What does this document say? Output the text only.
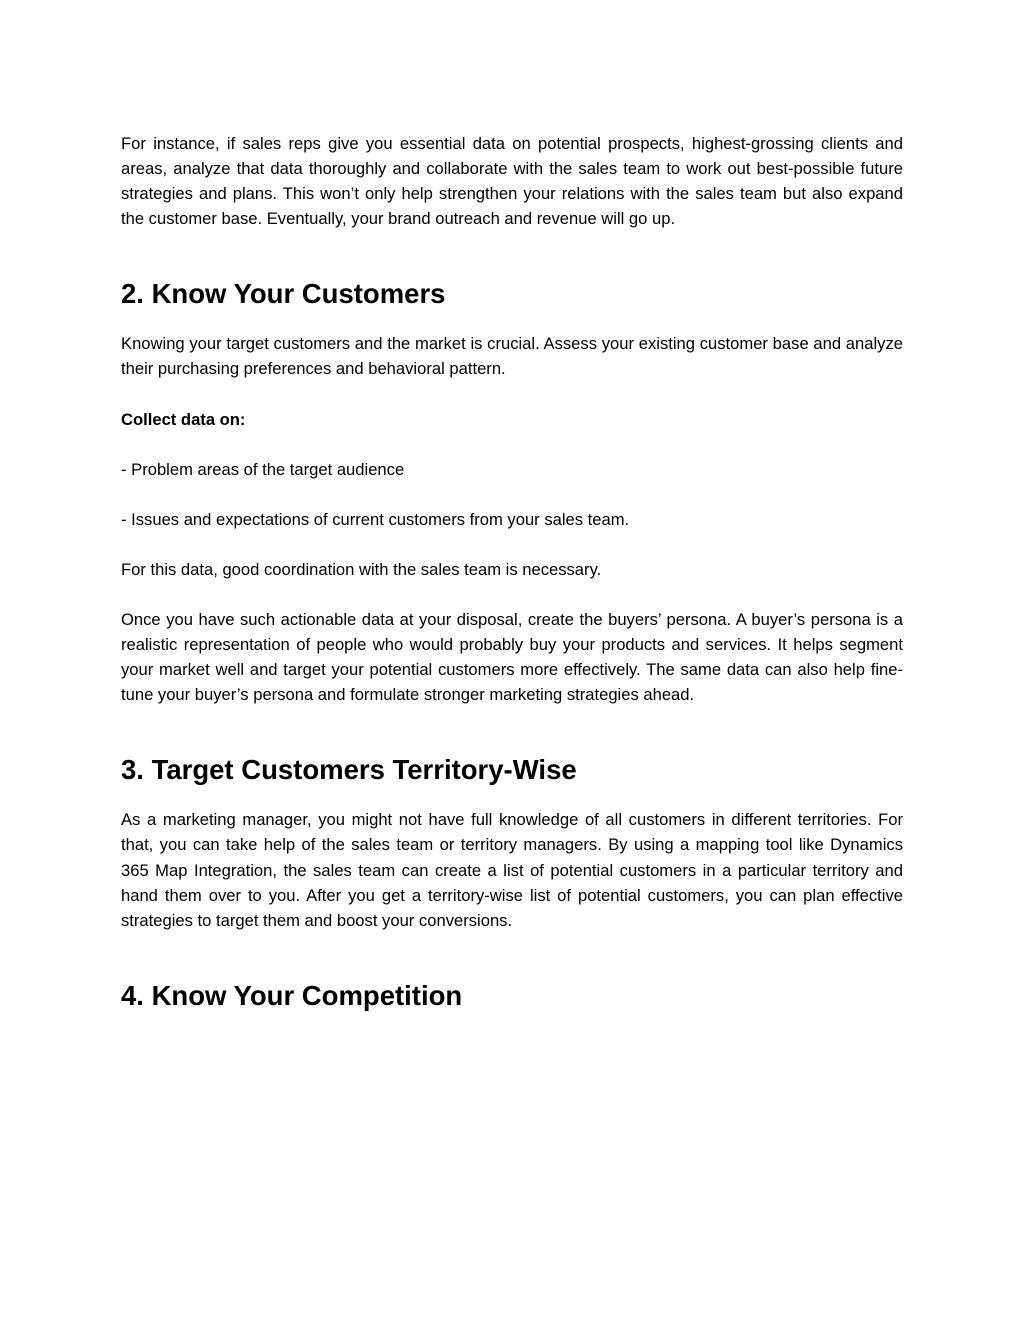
For instance, if sales reps give you essential data on potential prospects, highest-grossing clients and areas, analyze that data thoroughly and collaborate with the sales team to work out best-possible future strategies and plans. This won’t only help strengthen your relations with the sales team but also expand the customer base. Eventually, your brand outreach and revenue will go up.

2. Know Your Customers

Knowing your target customers and the market is crucial. Assess your existing customer base and analyze their purchasing preferences and behavioral pattern.

Collect data on:

- Problem areas of the target audience

- Issues and expectations of current customers from your sales team.

For this data, good coordination with the sales team is necessary.

Once you have such actionable data at your disposal, create the buyers’ persona. A buyer’s persona is a realistic representation of people who would probably buy your products and services. It helps segment your market well and target your potential customers more effectively. The same data can also help fine-tune your buyer’s persona and formulate stronger marketing strategies ahead.

3. Target Customers Territory-Wise

As a marketing manager, you might not have full knowledge of all customers in different territories. For that, you can take help of the sales team or territory managers. By using a mapping tool like Dynamics 365 Map Integration, the sales team can create a list of potential customers in a particular territory and hand them over to you. After you get a territory-wise list of potential customers, you can plan effective strategies to target them and boost your conversions.

4. Know Your Competition
